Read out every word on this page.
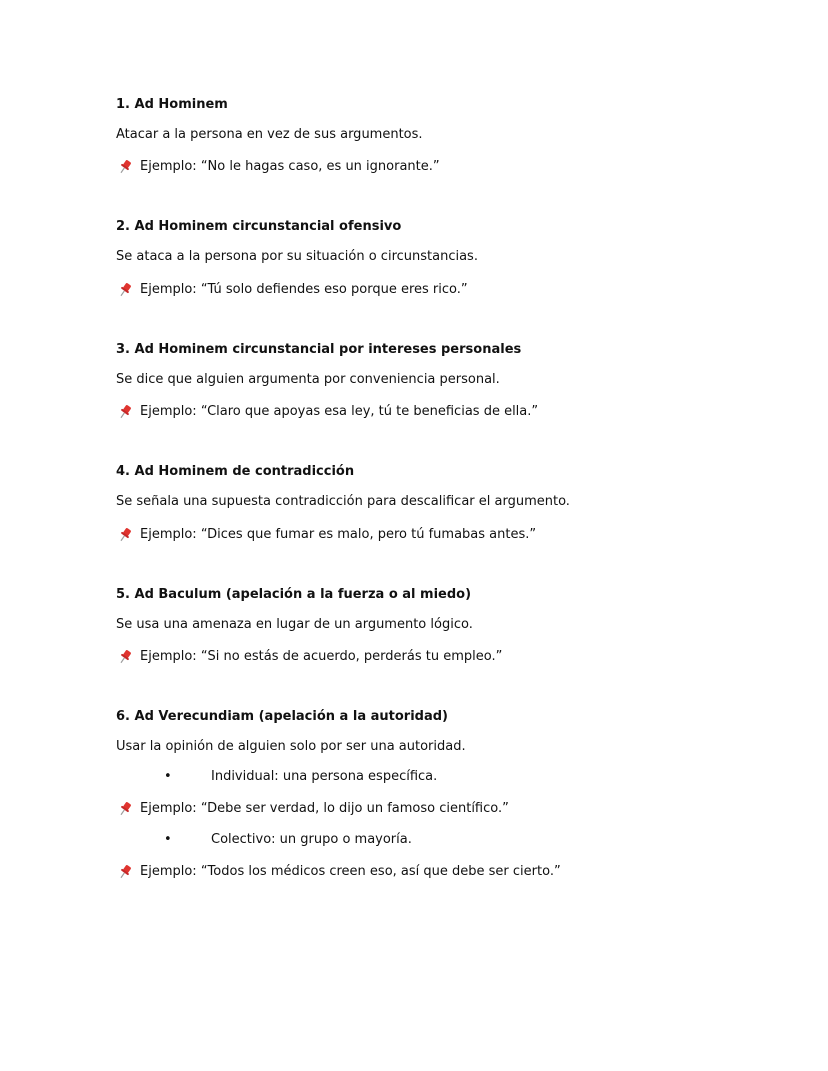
1. Ad Hominem
Atacar a la persona en vez de sus argumentos.
Ejemplo: “No le hagas caso, es un ignorante.”
2. Ad Hominem circunstancial ofensivo
Se ataca a la persona por su situación o circunstancias.
Ejemplo: “Tú solo defiendes eso porque eres rico.”
3. Ad Hominem circunstancial por intereses personales
Se dice que alguien argumenta por conveniencia personal.
Ejemplo: “Claro que apoyas esa ley, tú te beneficias de ella.”
4. Ad Hominem de contradicción
Se señala una supuesta contradicción para descalificar el argumento.
Ejemplo: “Dices que fumar es malo, pero tú fumabas antes.”
5. Ad Baculum (apelación a la fuerza o al miedo)
Se usa una amenaza en lugar de un argumento lógico.
Ejemplo: “Si no estás de acuerdo, perderás tu empleo.”
6. Ad Verecundiam (apelación a la autoridad)
Usar la opinión de alguien solo por ser una autoridad.
•	Individual: una persona específica.
Ejemplo: “Debe ser verdad, lo dijo un famoso científico.”
•	Colectivo: un grupo o mayoría.
Ejemplo: “Todos los médicos creen eso, así que debe ser cierto.”
